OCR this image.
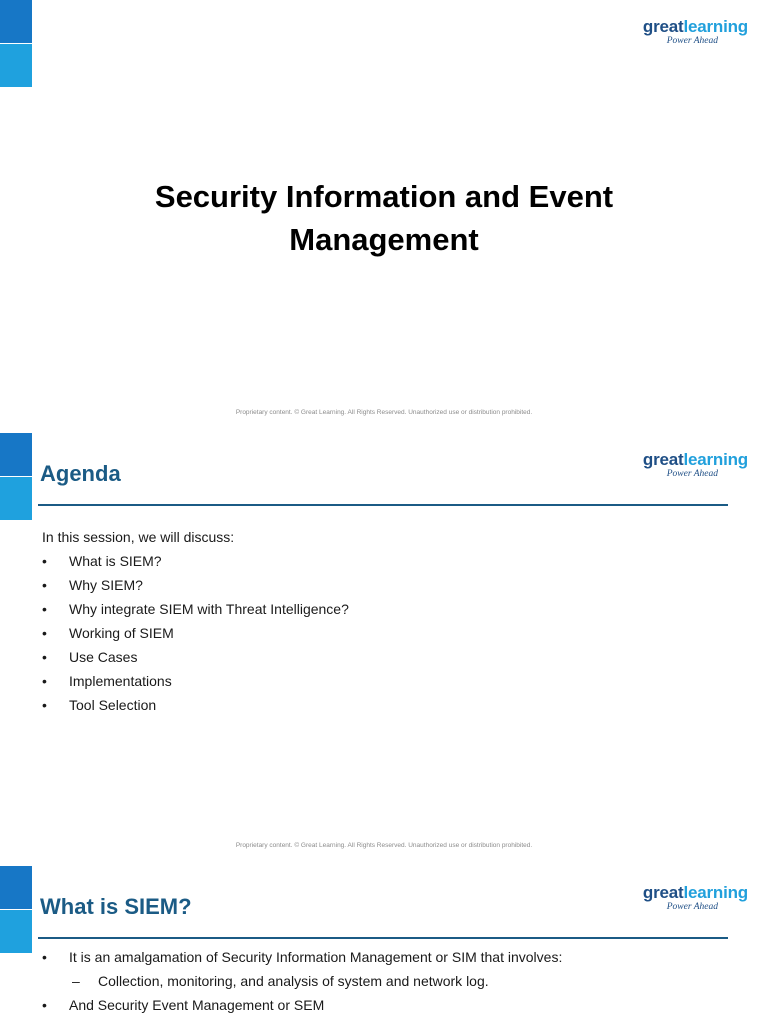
greatlearning
Power Ahead
Security Information and Event
Management
Proprietary content. © Great Learning. All Rights Reserved. Unauthorized use or distribution prohibited.
Agenda
greatlearning
Power Ahead

In this session, we will discuss:

• What is SIEM?
• Why SIEM?
• Why integrate SIEM with Threat Intelligence?
• Working of SIEM
• Use Cases
• Implementations
• Tool Selection
Proprietary content. © Great Learning. All Rights Reserved. Unauthorized use or distribution prohibited.
What is SIEM?
greatlearning
Power Ahead
• It is an amalgamation of Security Information Management or SIM that involves:
– Collection, monitoring, and analysis of system and network log.
• And Security Event Management or SEM
